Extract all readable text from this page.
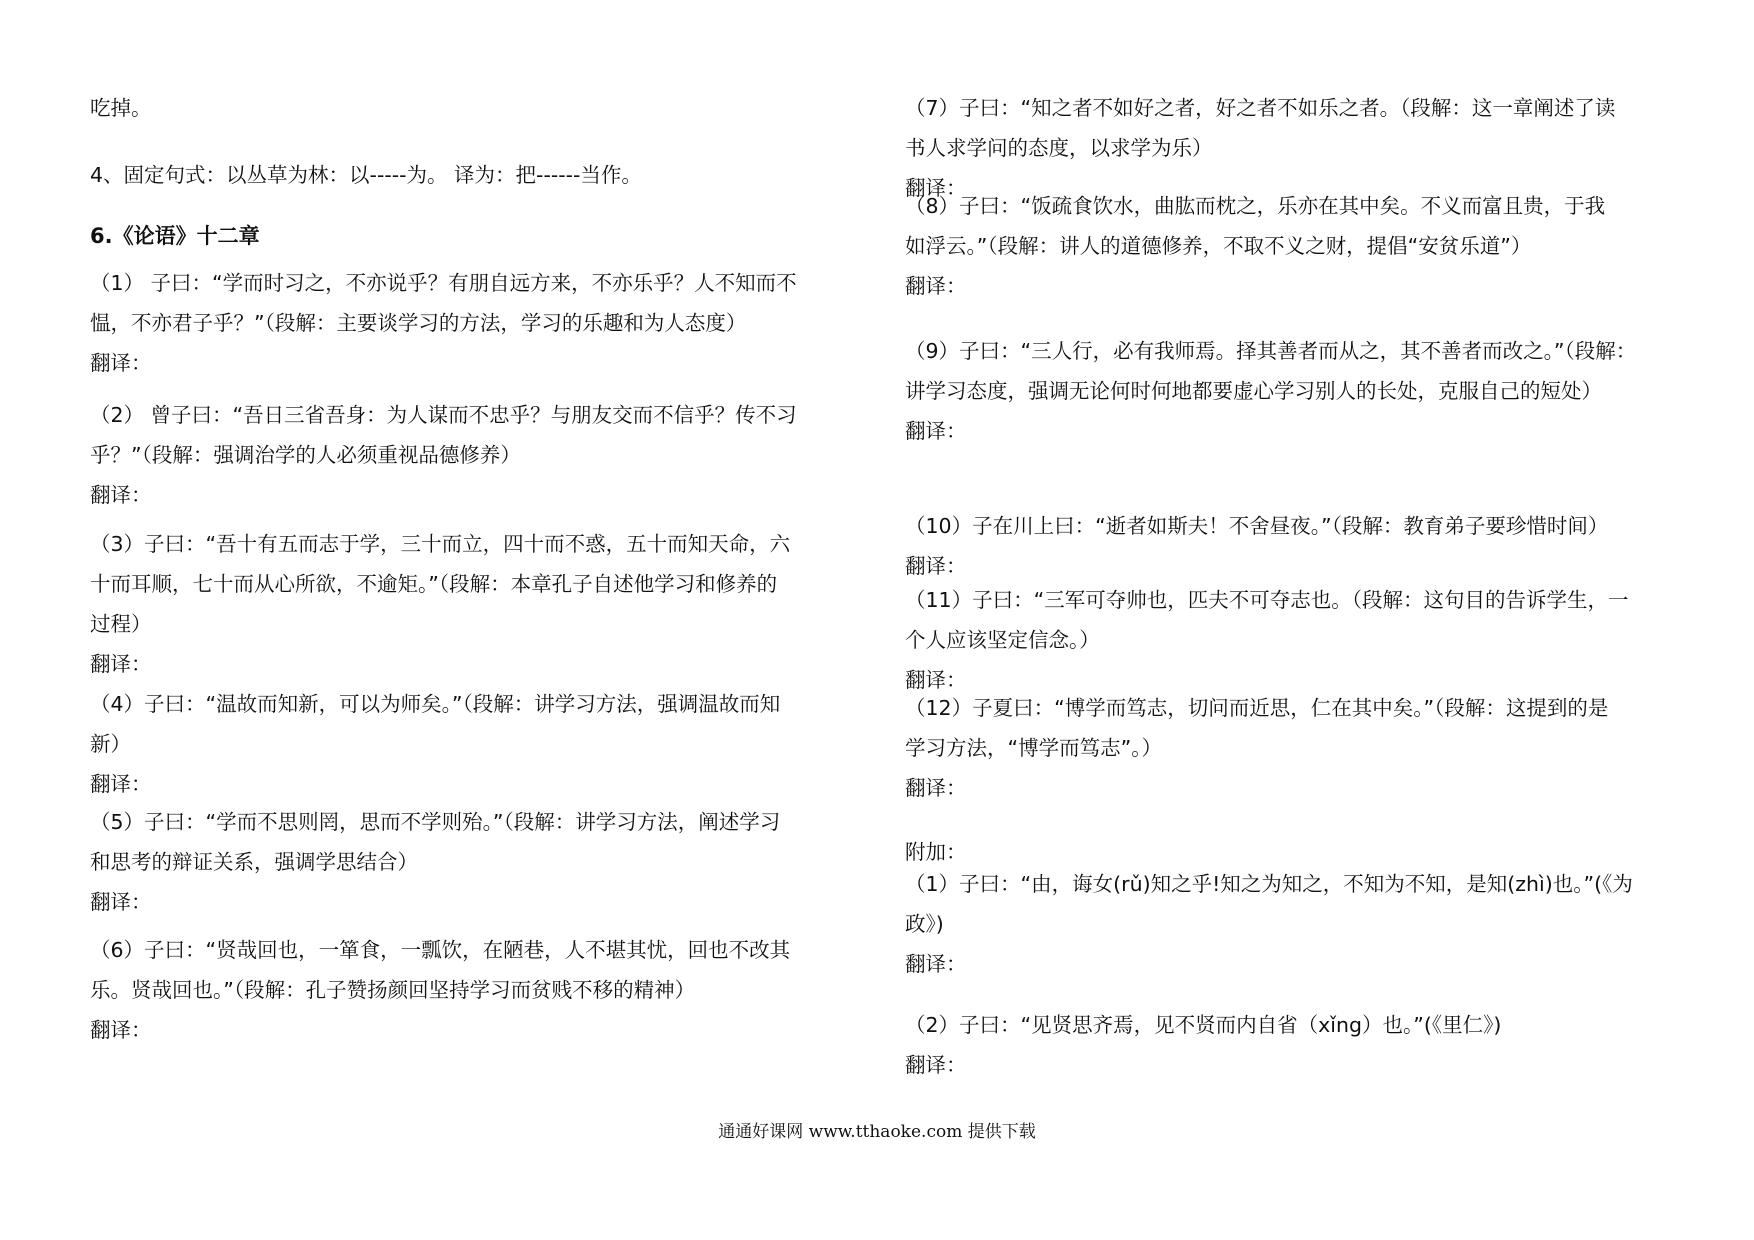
吃掉。
4、固定句式：以丛草为林：以-----为。 译为：把------当作。
6.《论语》十二章
（1） 子曰：“学而时习之，不亦说乎？有朋自远方来，不亦乐乎？人不知而不
愠，不亦君子乎？”（段解：主要谈学习的方法，学习的乐趣和为人态度）
翻译：
（2） 曾子曰：“吾日三省吾身：为人谋而不忠乎？与朋友交而不信乎？传不习
乎？”（段解：强调治学的人必须重视品德修养）
翻译：
（3）子曰：“吾十有五而志于学，三十而立，四十而不惑，五十而知天命，六
十而耳顺，七十而从心所欲，不逾矩。”（段解：本章孔子自述他学习和修养的
过程）
翻译：
（4）子曰：“温故而知新，可以为师矣。”（段解：讲学习方法，强调温故而知
新）
翻译：
（5）子曰：“学而不思则罔，思而不学则殆。”（段解：讲学习方法，阐述学习
和思考的辩证关系，强调学思结合）
翻译：
（6）子曰：“贤哉回也，一箪食，一瓢饮，在陋巷，人不堪其忧，回也不改其
乐。贤哉回也。”（段解：孔子赞扬颜回坚持学习而贫贱不移的精神）
翻译：
（7）子曰：“知之者不如好之者，好之者不如乐之者。（段解：这一章阐述了读
书人求学问的态度，以求学为乐）
翻译：
（8）子曰：“饭疏食饮水，曲肱而枕之，乐亦在其中矣。不义而富且贵，于我
如浮云。”（段解：讲人的道德修养，不取不义之财，提倡“安贫乐道”）
翻译：
（9）子曰：“三人行，必有我师焉。择其善者而从之，其不善者而改之。”（段解：
讲学习态度，强调无论何时何地都要虚心学习别人的长处，克服自己的短处）
翻译：
（10）子在川上曰：“逝者如斯夫！不舍昼夜。”（段解：教育弟子要珍惜时间）
翻译：
（11）子曰：“三军可夺帅也，匹夫不可夺志也。（段解：这句目的告诉学生，一
个人应该坚定信念。）
翻译：
（12）子夏曰：“博学而笃志，切问而近思，仁在其中矣。”（段解：这提到的是
学习方法，“博学而笃志”。）
翻译：
附加：
（1）子曰：“由，诲女(rǔ)知之乎!知之为知之，不知为不知，是知(zhì)也。”(《为
政》)
翻译：
（2）子曰：“见贤思齐焉，见不贤而内自省（xǐng）也。”(《里仁》)
翻译：
通通好课网 www.tthaoke.com 提供下载
